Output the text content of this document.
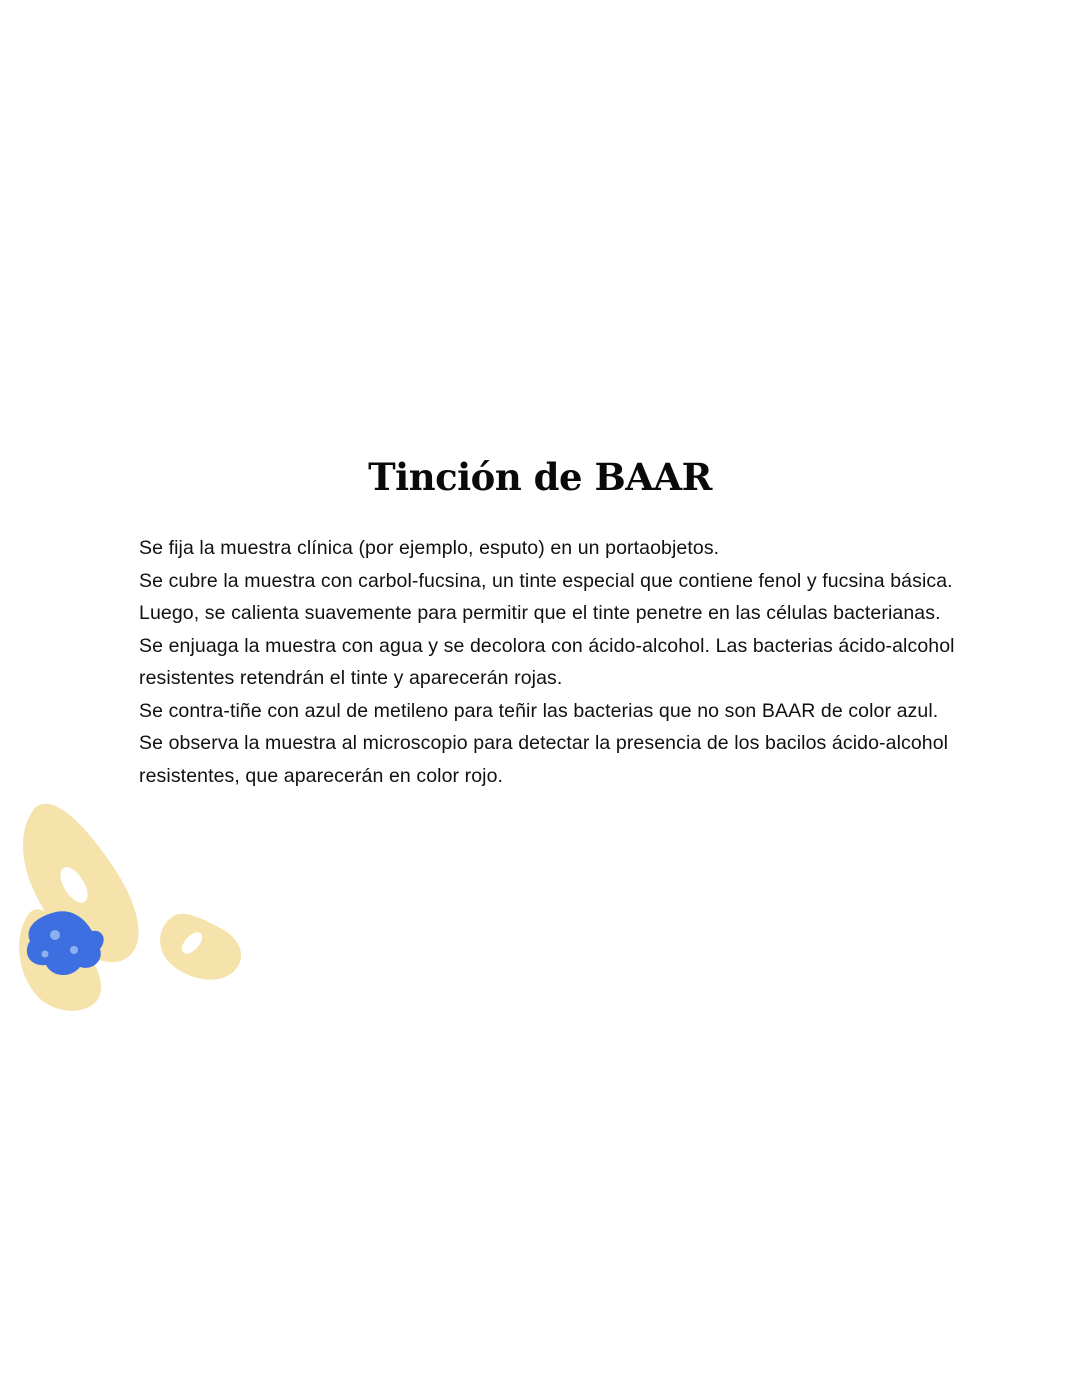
Tinción de BAAR

Se fija la muestra clínica (por ejemplo, esputo) en un portaobjetos.

Se cubre la muestra con carbol-fucsina, un tinte especial que contiene fenol y fucsina básica. Luego, se calienta suavemente para permitir que el tinte penetre en las células bacterianas.

Se enjuaga la muestra con agua y se decolora con ácido-alcohol. Las bacterias ácido-alcohol resistentes retendrán el tinte y aparecerán rojas.

Se contra-tiñe con azul de metileno para teñir las bacterias que no son BAAR de color azul.

Se observa la muestra al microscopio para detectar la presencia de los bacilos ácido-alcohol resistentes, que aparecerán en color rojo.
